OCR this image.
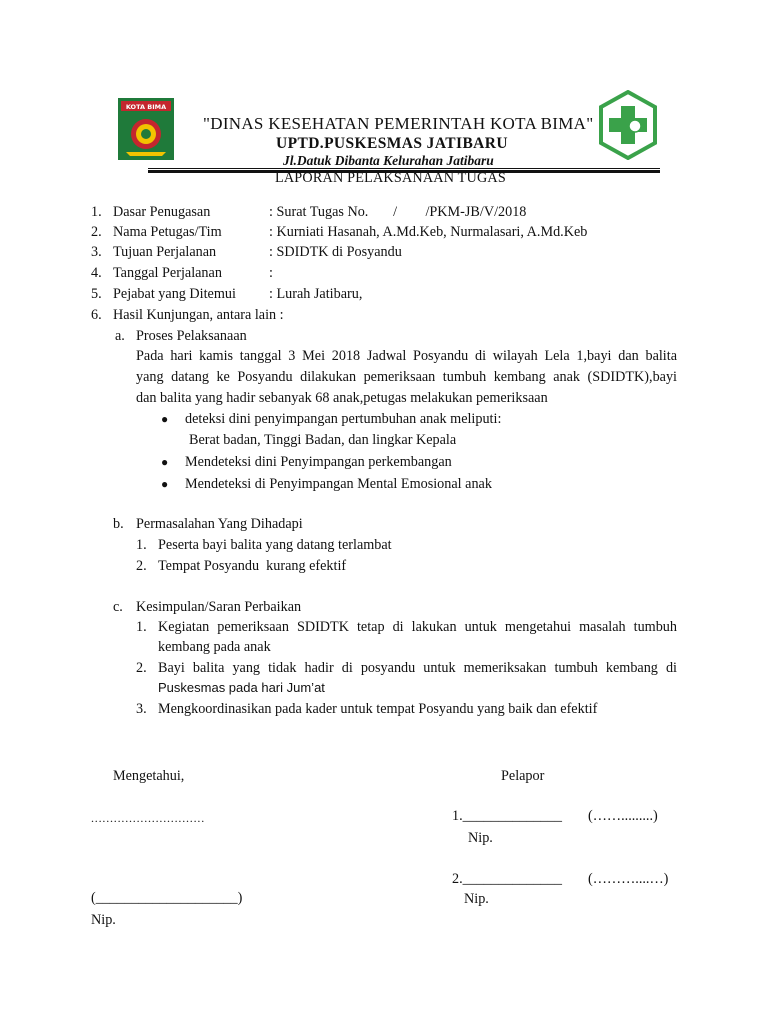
KOTA BIMA
"DINAS KESEHATAN PEMERINTAH KOTA BIMA"
UPTD.PUSKESMAS JATIBARU
Jl.Datuk Dibanta Kelurahan Jatibaru
LAPORAN PELAKSANAAN TUGAS
1. Dasar Penugasan	: Surat Tugas No.       /        /PKM-JB/V/2018
2. Nama Petugas/Tim	: Kurniati Hasanah, A.Md.Keb, Nurmalasari, A.Md.Keb
3. Tujuan Perjalanan	: SDIDTK di Posyandu
4. Tanggal Perjalanan	:
5. Pejabat yang Ditemui : Lurah Jatibaru,
6. Hasil Kunjungan, antara lain :
a. Proses Pelaksanaan
Pada hari kamis tanggal 3 Mei 2018 Jadwal Posyandu di wilayah Lela 1,bayi dan balita
yang datang ke Posyandu dilakukan pemeriksaan tumbuh kembang anak (SDIDTK),bayi
dan balita yang hadir sebanyak 68 anak,petugas melakukan pemeriksaan
● deteksi dini penyimpangan pertumbuhan anak meliputi:
Berat badan, Tinggi Badan, dan lingkar Kepala
● Mendeteksi dini Penyimpangan perkembangan
● Mendeteksi di Penyimpangan Mental Emosional anak
b. Permasalahan Yang Dihadapi
1. Peserta bayi balita yang datang terlambat
2. Tempat Posyandu  kurang efektif
c. Kesimpulan/Saran Perbaikan
1. Kegiatan pemeriksaan SDIDTK tetap di lakukan untuk mengetahui masalah tumbuh
kembang pada anak
2. Bayi balita yang tidak hadir di posyandu untuk memeriksakan tumbuh kembang di
Puskesmas pada hari Jum’at
3. Mengkoordinasikan pada kader untuk tempat Posyandu yang baik dan efektif
Mengetahui,
..............................
(____________________)
Nip.
Pelapor
1.______________ (…….........)
Nip.
2.______________ (………....…)
Nip.
